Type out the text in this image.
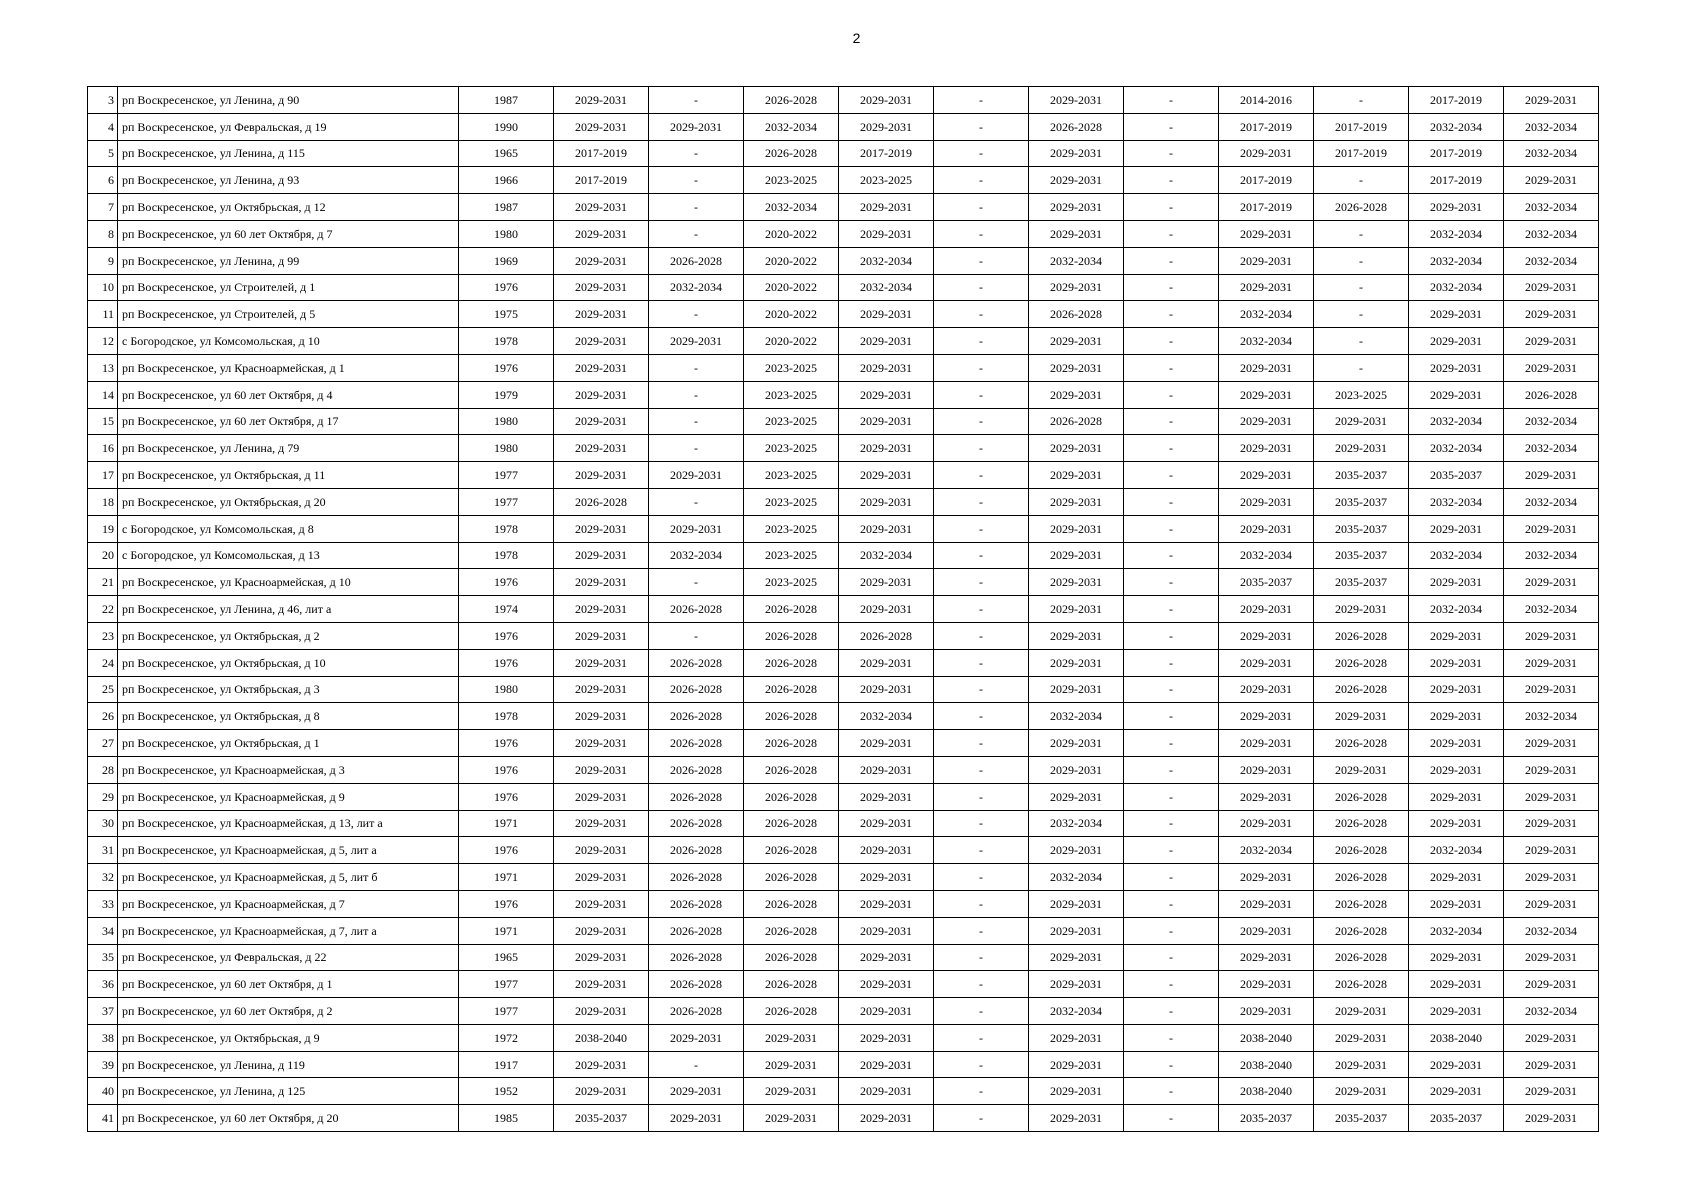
2
3	рп Воскресенское, ул Ленина, д 90	1987	2029-2031	-	2026-2028	2029-2031	-	2029-2031	-	2014-2016	-	2017-2019	2029-2031
4	рп Воскресенское, ул Февральская, д 19	1990	2029-2031	2029-2031	2032-2034	2029-2031	-	2026-2028	-	2017-2019	2017-2019	2032-2034	2032-2034
5	рп Воскресенское, ул Ленина, д 115	1965	2017-2019	-	2026-2028	2017-2019	-	2029-2031	-	2029-2031	2017-2019	2017-2019	2032-2034
6	рп Воскресенское, ул Ленина, д 93	1966	2017-2019	-	2023-2025	2023-2025	-	2029-2031	-	2017-2019	-	2017-2019	2029-2031
7	рп Воскресенское, ул Октябрьская, д 12	1987	2029-2031	-	2032-2034	2029-2031	-	2029-2031	-	2017-2019	2026-2028	2029-2031	2032-2034
8	рп Воскресенское, ул 60 лет Октября, д 7	1980	2029-2031	-	2020-2022	2029-2031	-	2029-2031	-	2029-2031	-	2032-2034	2032-2034
9	рп Воскресенское, ул Ленина, д 99	1969	2029-2031	2026-2028	2020-2022	2032-2034	-	2032-2034	-	2029-2031	-	2032-2034	2032-2034
10	рп Воскресенское, ул Строителей, д 1	1976	2029-2031	2032-2034	2020-2022	2032-2034	-	2029-2031	-	2029-2031	-	2032-2034	2029-2031
11	рп Воскресенское, ул Строителей, д 5	1975	2029-2031	-	2020-2022	2029-2031	-	2026-2028	-	2032-2034	-	2029-2031	2029-2031
12	с Богородское, ул Комсомольская, д 10	1978	2029-2031	2029-2031	2020-2022	2029-2031	-	2029-2031	-	2032-2034	-	2029-2031	2029-2031
13	рп Воскресенское, ул Красноармейская, д 1	1976	2029-2031	-	2023-2025	2029-2031	-	2029-2031	-	2029-2031	-	2029-2031	2029-2031
14	рп Воскресенское, ул 60 лет Октября, д 4	1979	2029-2031	-	2023-2025	2029-2031	-	2029-2031	-	2029-2031	2023-2025	2029-2031	2026-2028
15	рп Воскресенское, ул 60 лет Октября, д 17	1980	2029-2031	-	2023-2025	2029-2031	-	2026-2028	-	2029-2031	2029-2031	2032-2034	2032-2034
16	рп Воскресенское, ул Ленина, д 79	1980	2029-2031	-	2023-2025	2029-2031	-	2029-2031	-	2029-2031	2029-2031	2032-2034	2032-2034
17	рп Воскресенское, ул Октябрьская, д 11	1977	2029-2031	2029-2031	2023-2025	2029-2031	-	2029-2031	-	2029-2031	2035-2037	2035-2037	2029-2031
18	рп Воскресенское, ул Октябрьская, д 20	1977	2026-2028	-	2023-2025	2029-2031	-	2029-2031	-	2029-2031	2035-2037	2032-2034	2032-2034
19	с Богородское, ул Комсомольская, д 8	1978	2029-2031	2029-2031	2023-2025	2029-2031	-	2029-2031	-	2029-2031	2035-2037	2029-2031	2029-2031
20	с Богородское, ул Комсомольская, д 13	1978	2029-2031	2032-2034	2023-2025	2032-2034	-	2029-2031	-	2032-2034	2035-2037	2032-2034	2032-2034
21	рп Воскресенское, ул Красноармейская, д 10	1976	2029-2031	-	2023-2025	2029-2031	-	2029-2031	-	2035-2037	2035-2037	2029-2031	2029-2031
22	рп Воскресенское, ул Ленина, д 46, лит а	1974	2029-2031	2026-2028	2026-2028	2029-2031	-	2029-2031	-	2029-2031	2029-2031	2032-2034	2032-2034
23	рп Воскресенское, ул Октябрьская, д 2	1976	2029-2031	-	2026-2028	2026-2028	-	2029-2031	-	2029-2031	2026-2028	2029-2031	2029-2031
24	рп Воскресенское, ул Октябрьская, д 10	1976	2029-2031	2026-2028	2026-2028	2029-2031	-	2029-2031	-	2029-2031	2026-2028	2029-2031	2029-2031
25	рп Воскресенское, ул Октябрьская, д 3	1980	2029-2031	2026-2028	2026-2028	2029-2031	-	2029-2031	-	2029-2031	2026-2028	2029-2031	2029-2031
26	рп Воскресенское, ул Октябрьская, д 8	1978	2029-2031	2026-2028	2026-2028	2032-2034	-	2032-2034	-	2029-2031	2029-2031	2029-2031	2032-2034
27	рп Воскресенское, ул Октябрьская, д 1	1976	2029-2031	2026-2028	2026-2028	2029-2031	-	2029-2031	-	2029-2031	2026-2028	2029-2031	2029-2031
28	рп Воскресенское, ул Красноармейская, д 3	1976	2029-2031	2026-2028	2026-2028	2029-2031	-	2029-2031	-	2029-2031	2029-2031	2029-2031	2029-2031
29	рп Воскресенское, ул Красноармейская, д 9	1976	2029-2031	2026-2028	2026-2028	2029-2031	-	2029-2031	-	2029-2031	2026-2028	2029-2031	2029-2031
30	рп Воскресенское, ул Красноармейская, д 13, лит а	1971	2029-2031	2026-2028	2026-2028	2029-2031	-	2032-2034	-	2029-2031	2026-2028	2029-2031	2029-2031
31	рп Воскресенское, ул Красноармейская, д 5, лит а	1976	2029-2031	2026-2028	2026-2028	2029-2031	-	2029-2031	-	2032-2034	2026-2028	2032-2034	2029-2031
32	рп Воскресенское, ул Красноармейская, д 5, лит б	1971	2029-2031	2026-2028	2026-2028	2029-2031	-	2032-2034	-	2029-2031	2026-2028	2029-2031	2029-2031
33	рп Воскресенское, ул Красноармейская, д 7	1976	2029-2031	2026-2028	2026-2028	2029-2031	-	2029-2031	-	2029-2031	2026-2028	2029-2031	2029-2031
34	рп Воскресенское, ул Красноармейская, д 7, лит а	1971	2029-2031	2026-2028	2026-2028	2029-2031	-	2029-2031	-	2029-2031	2026-2028	2032-2034	2032-2034
35	рп Воскресенское, ул Февральская, д 22	1965	2029-2031	2026-2028	2026-2028	2029-2031	-	2029-2031	-	2029-2031	2026-2028	2029-2031	2029-2031
36	рп Воскресенское, ул 60 лет Октября, д 1	1977	2029-2031	2026-2028	2026-2028	2029-2031	-	2029-2031	-	2029-2031	2026-2028	2029-2031	2029-2031
37	рп Воскресенское, ул 60 лет Октября, д 2	1977	2029-2031	2026-2028	2026-2028	2029-2031	-	2032-2034	-	2029-2031	2029-2031	2029-2031	2032-2034
38	рп Воскресенское, ул Октябрьская, д 9	1972	2038-2040	2029-2031	2029-2031	2029-2031	-	2029-2031	-	2038-2040	2029-2031	2038-2040	2029-2031
39	рп Воскресенское, ул Ленина, д 119	1917	2029-2031	-	2029-2031	2029-2031	-	2029-2031	-	2038-2040	2029-2031	2029-2031	2029-2031
40	рп Воскресенское, ул Ленина, д 125	1952	2029-2031	2029-2031	2029-2031	2029-2031	-	2029-2031	-	2038-2040	2029-2031	2029-2031	2029-2031
41	рп Воскресенское, ул 60 лет Октября, д 20	1985	2035-2037	2029-2031	2029-2031	2029-2031	-	2029-2031	-	2035-2037	2035-2037	2035-2037	2029-2031
